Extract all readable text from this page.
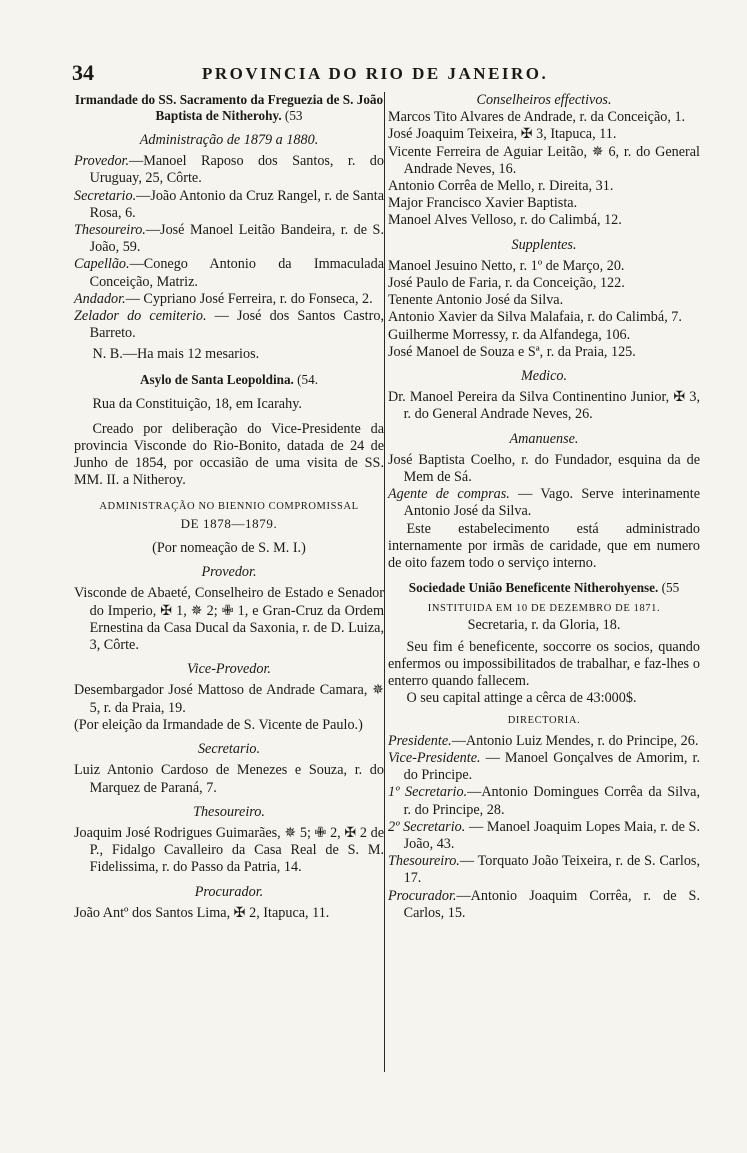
34	PROVINCIA DO RIO DE JANEIRO.

Irmandade do SS. Sacramento da Freguezia de S. João Baptista de Nitherohy. (53

Administração de 1879 a 1880.

Provedor.—Manoel Raposo dos Santos, r. do Uruguay, 25, Côrte.

Secretario.—João Antonio da Cruz Rangel, r. de Santa Rosa, 6.

Thesoureiro.—José Manoel Leitão Bandeira, r. de S. João, 59.

Capellão.—Conego Antonio da Immaculada Conceição, Matriz.

Andador.— Cypriano José Ferreira, r. do Fonseca, 2.

Zelador do cemiterio. — José dos Santos Castro, Barreto.

N. B.—Ha mais 12 mesarios.

Asylo de Santa Leopoldina. (54.

Rua da Constituição, 18, em Icarahy.

Creado por deliberação do Vice-Presidente da provincia Visconde do Rio-Bonito, datada de 24 de Junho de 1854, por occasião de uma visita de SS. MM. II. a Nitheroy.

ADMINISTRAÇÃO NO BIENNIO COMPROMISSAL

DE 1878—1879.

(Por nomeação de S. M. I.)

Provedor.

Visconde de Abaeté, Conselheiro de Estado e Senador do Imperio, ✠ 1, ✵ 2; ✙ 1, e Gran-Cruz da Ordem Ernestina da Casa Ducal da Saxonia, r. de D. Luiza, 3, Côrte.

Vice-Provedor.

Desembargador José Mattoso de Andrade Camara, ✵ 5, r. da Praia, 19.

(Por eleição da Irmandade de S. Vicente de Paulo.)

Secretario.

Luiz Antonio Cardoso de Menezes e Souza, r. do Marquez de Paraná, 7.

Thesoureiro.

Joaquim José Rodrigues Guimarães, ✵ 5; ✙ 2, ✠ 2 de P., Fidalgo Cavalleiro da Casa Real de S. M. Fidelissima, r. do Passo da Patria, 14.

Procurador.

João Antº dos Santos Lima, ✠ 2, Itapuca, 11.

Conselheiros effectivos.

Marcos Tito Alvares de Andrade, r. da Conceição, 1.

José Joaquim Teixeira, ✠ 3, Itapuca, 11.

Vicente Ferreira de Aguiar Leitão, ✵ 6, r. do General Andrade Neves, 16.

Antonio Corrêa de Mello, r. Direita, 31.

Major Francisco Xavier Baptista.

Manoel Alves Velloso, r. do Calimbá, 12.

Supplentes.

Manoel Jesuino Netto, r. 1º de Março, 20.

José Paulo de Faria, r. da Conceição, 122.

Tenente Antonio José da Silva.

Antonio Xavier da Silva Malafaia, r. do Calimbá, 7.

Guilherme Morressy, r. da Alfandega, 106.

José Manoel de Souza e Sª, r. da Praia, 125.

Medico.

Dr. Manoel Pereira da Silva Continentino Junior, ✠ 3, r. do General Andrade Neves, 26.

Amanuense.

José Baptista Coelho, r. do Fundador, esquina da de Mem de Sá.

Agente de compras. — Vago. Serve interinamente Antonio José da Silva.

Este estabelecimento está administrado internamente por irmãs de caridade, que em numero de oito fazem todo o serviço interno.

Sociedade União Beneficente Nitherohyense. (55

INSTITUIDA EM 10 DE DEZEMBRO DE 1871.

Secretaria, r. da Gloria, 18.

Seu fim é beneficente, soccorre os socios, quando enfermos ou impossibilitados de trabalhar, e faz-lhes o enterro quando fallecem.

O seu capital attinge a cêrca de 43:000$.

DIRECTORIA.

Presidente.—Antonio Luiz Mendes, r. do Principe, 26.

Vice-Presidente. — Manoel Gonçalves de Amorim, r. do Principe.

1º Secretario.—Antonio Domingues Corrêa da Silva, r. do Principe, 28.

2º Secretario. — Manoel Joaquim Lopes Maia, r. de S. João, 43.

Thesoureiro.— Torquato João Teixeira, r. de S. Carlos, 17.

Procurador.—Antonio Joaquim Corrêa, r. de S. Carlos, 15.
